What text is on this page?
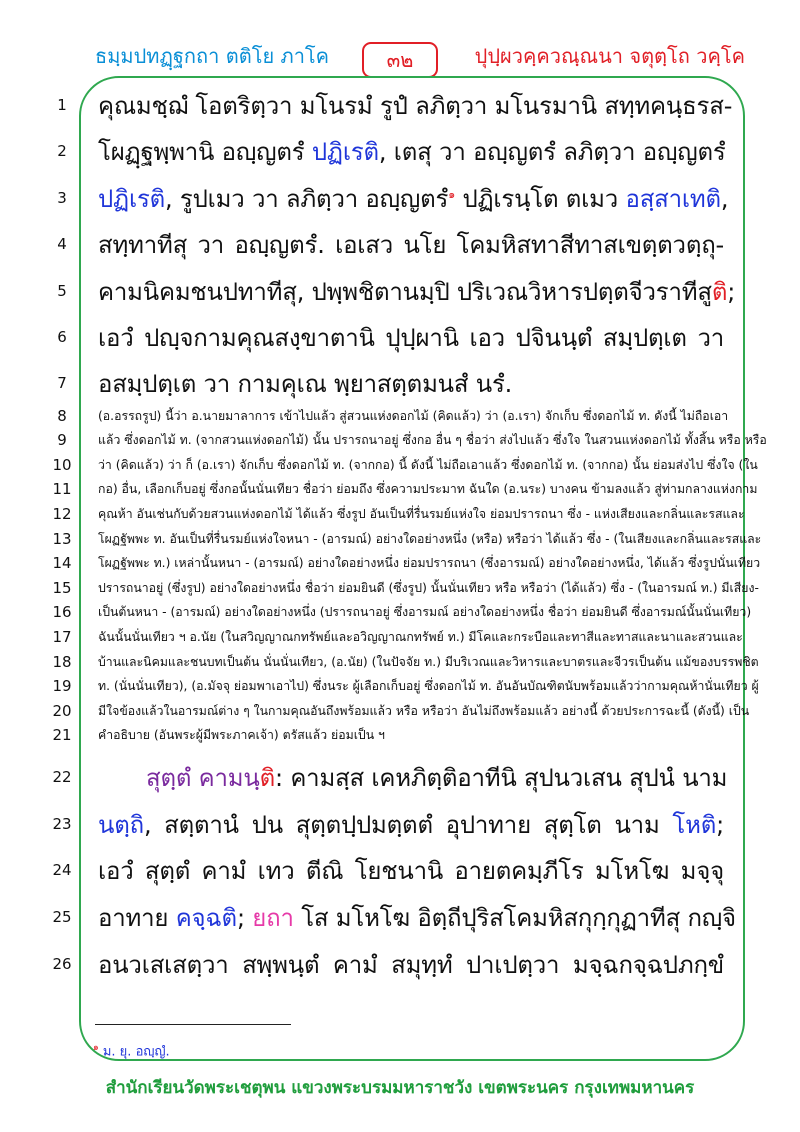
ธมฺมปทฏฺฐกถา ตติโย ภาโค	๓๒	ปุปฺผวคฺควณฺณนา จตุตฺโถ วคฺโค
1
2
3
4
5
6
7
8
9
10
11
12
13
14
15
16
17
18
19
20
21
22
23
24
25
26
คุณมชฺฌํ โอตริตฺวา มโนรมํ รูปํ ลภิตฺวา มโนรมานิ สทฺทคนฺธรส-
โผฏฺฐพฺพานิ อญฺญตรํ ปฏิเรติ, เตสุ วา อญฺญตรํ ลภิตฺวา อญฺญตรํ
ปฏิเรติ, รูปเมว วา ลภิตฺวา อญฺญตรํ$^๑$ ปฏิเรนฺโต ตเมว อสฺสาเทติ,
สทฺทาทีสุ วา อญฺญตรํ. เอเสว นโย โคมหิสทาสีทาสเขตฺตวตฺถุ-
คามนิคมชนปทาทีสุ, ปพฺพชิตานมฺปิ ปริเวณวิหารปตฺตจีวราทีสูติ;
เอวํ ปญฺจกามคุณสงฺขาตานิ ปุปฺผานิ เอว ปจินนฺตํ สมฺปตฺเต วา
อสมฺปตฺเต วา กามคุเณ พฺยาสตฺตมนสํ นรํ.
(อ.อรรถรูป) นี้ว่า อ.นายมาลาการ เข้าไปแล้ว สู่สวนแห่งดอกไม้ (คิดแล้ว) ว่า (อ.เรา) จักเก็บ ซึ่งดอกไม้ ท. ดังนี้ ไม่ถือเอา
แล้ว ซึ่งดอกไม้ ท. (จากสวนแห่งดอกไม้) นั้น ปรารถนาอยู่ ซึ่งกอ อื่น ๆ ชื่อว่า ส่งไปแล้ว ซึ่งใจ ในสวนแห่งดอกไม้ ทั้งสิ้น หรือ หรือ
ว่า (คิดแล้ว) ว่า ก็ (อ.เรา) จักเก็บ ซึ่งดอกไม้ ท. (จากกอ) นี้ ดังนี้ ไม่ถือเอาแล้ว ซึ่งดอกไม้ ท. (จากกอ) นั้น ย่อมส่งไป ซึ่งใจ (ใน
กอ) อื่น, เลือกเก็บอยู่ ซึ่งกอนั้นนั่นเทียว ชื่อว่า ย่อมถึง ซึ่งความประมาท ฉันใด (อ.นระ) บางคน ข้ามลงแล้ว สู่ท่ามกลางแห่งกาม
คุณห้า อันเช่นกับด้วยสวนแห่งดอกไม้ ได้แล้ว ซึ่งรูป อันเป็นที่รื่นรมย์แห่งใจ ย่อมปรารถนา ซึ่ง - แห่งเสียงและกลิ่นและรสและ
โผฏฐัพพะ ท. อันเป็นที่รื่นรมย์แห่งใจหนา - (อารมณ์) อย่างใดอย่างหนึ่ง (หรือ) หรือว่า ได้แล้ว ซึ่ง - (ในเสียงและกลิ่นและรสและ
โผฏฐัพพะ ท.) เหล่านั้นหนา - (อารมณ์) อย่างใดอย่างหนึ่ง ย่อมปรารถนา (ซึ่งอารมณ์) อย่างใดอย่างหนึ่ง, ได้แล้ว ซึ่งรูปนั่นเทียว
ปรารถนาอยู่ (ซึ่งรูป) อย่างใดอย่างหนึ่ง ชื่อว่า ย่อมยินดี (ซึ่งรูป) นั้นนั่นเทียว หรือ หรือว่า (ได้แล้ว) ซึ่ง - (ในอารมณ์ ท.) มีเสียง-
เป็นต้นหนา - (อารมณ์) อย่างใดอย่างหนึ่ง (ปรารถนาอยู่ ซึ่งอารมณ์ อย่างใดอย่างหนึ่ง ชื่อว่า ย่อมยินดี ซึ่งอารมณ์นั้นนั่นเทียว)
ฉันนั้นนั่นเทียว ฯ อ.นัย (ในสวิญญาณกทรัพย์และอวิญญาณกทรัพย์ ท.) มีโคและกระบือและทาสีและทาสและนาและสวนและ
บ้านและนิคมและชนบทเป็นต้น นั่นนั่นเทียว, (อ.นัย) (ในปัจจัย ท.) มีบริเวณและวิหารและบาตรและจีวรเป็นต้น แม้ของบรรพชิต
ท. (นั่นนั่นเทียว), (อ.มัจจุ ย่อมพาเอาไป) ซึ่งนระ ผู้เลือกเก็บอยู่ ซึ่งดอกไม้ ท. อันอันบัณฑิตนับพร้อมแล้วว่ากามคุณห้านั่นเทียว ผู้
มีใจข้องแล้วในอารมณ์ต่าง ๆ ในกามคุณอันถึงพร้อมแล้ว หรือ หรือว่า อันไม่ถึงพร้อมแล้ว อย่างนี้ ด้วยประการฉะนี้ (ดังนี้) เป็น
คำอธิบาย (อันพระผู้มีพระภาคเจ้า) ตรัสแล้ว ย่อมเป็น ฯ
สุตฺตํ คามนฺติ: คามสฺส เคหภิตฺติอาทีนิ สุปนวเสน สุปนํ นาม
นตฺถิ, สตฺตานํ ปน สุตฺตปฺปมตฺตตํ อุปาทาย สุตฺโต นาม โหติ;
เอวํ สุตฺตํ คามํ เทว ตีณิ โยชนานิ อายตคมฺภีโร มโหโฆ มจฺจุ
อาทาย คจฺฉติ; ยถา โส มโหโฆ อิตฺถีปุริสโคมหิสกุกฺกุฏาทีสุ กญฺจิ
อนวเสเสตฺวา สพฺพนฺตํ คามํ สมุทฺทํ ปาเปตฺวา มจฺฉกจฺฉปภกฺขํ
$^๑$ ม. ยุ. อญฺญํ.
สำนักเรียนวัดพระเชตุพน แขวงพระบรมมหาราชวัง เขตพระนคร กรุงเทพมหานคร
